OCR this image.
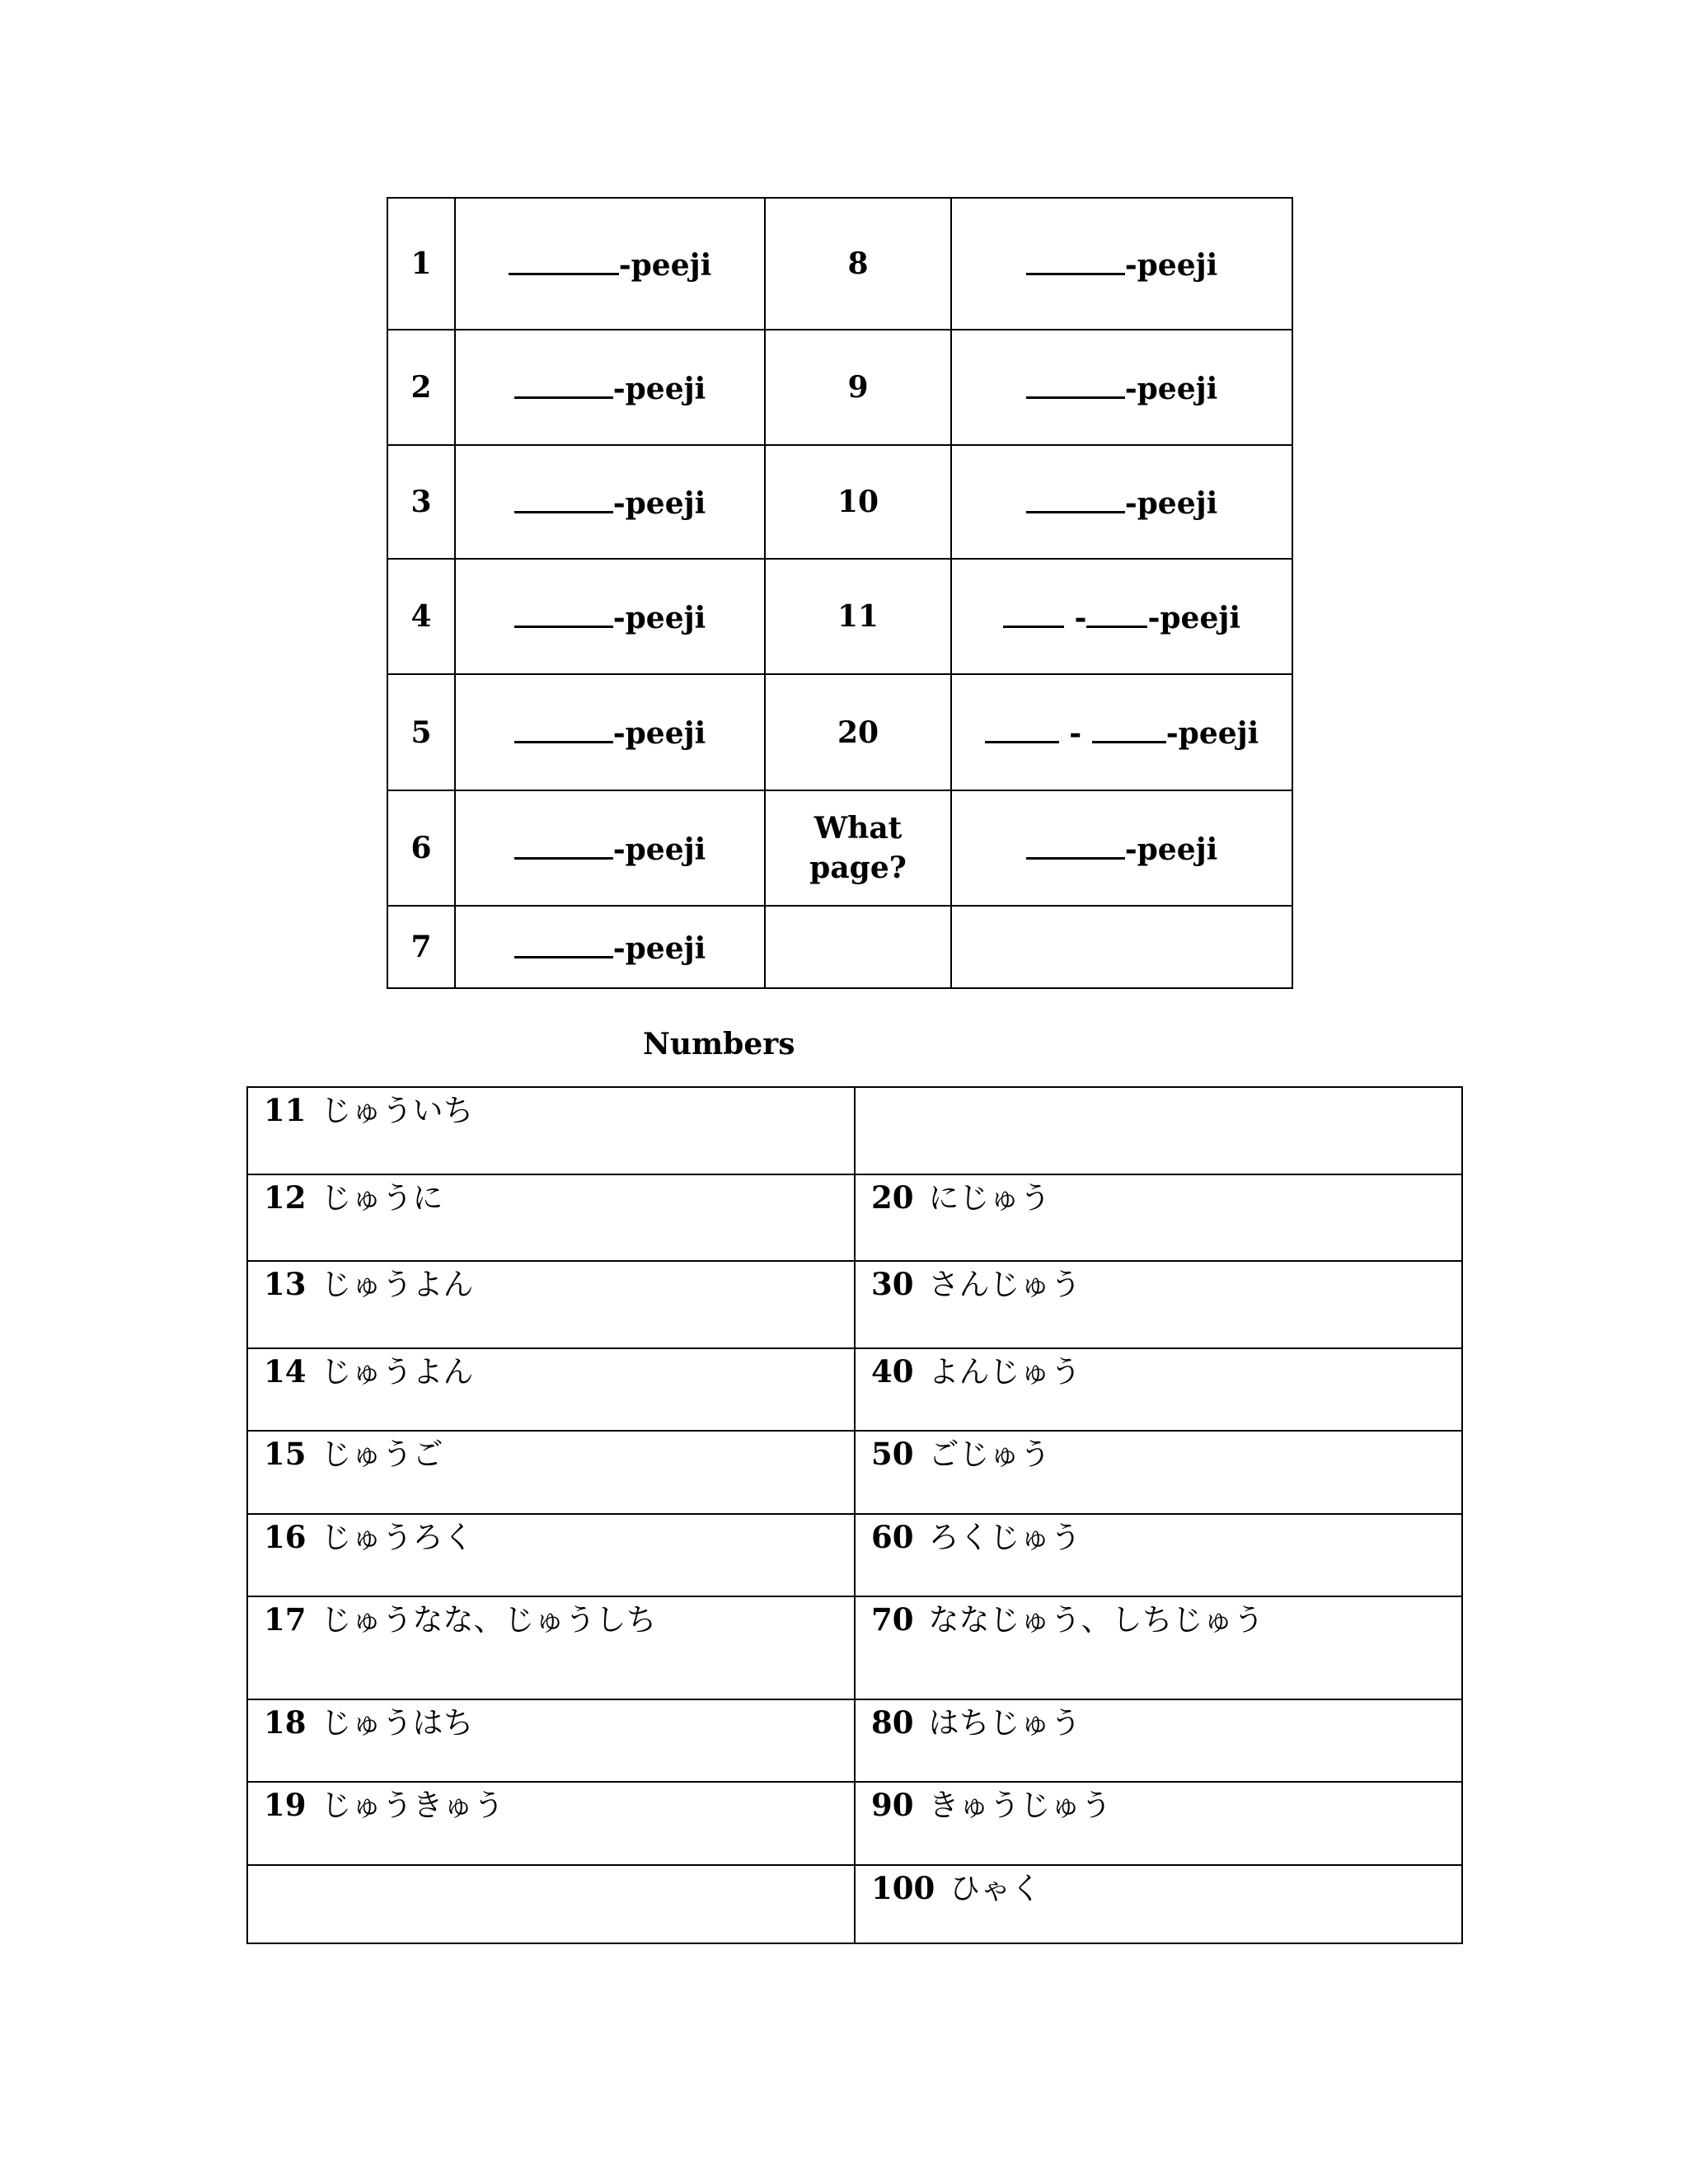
1	-peeji	8	-peeji
2	-peeji	9	-peeji
3	-peeji	10	-peeji
4	-peeji	11	- -peeji
5	-peeji	20	- -peeji
6	-peeji	What page?	-peeji
7	-peeji		
Numbers
11 じゅういち	
12 じゅうに	20 にじゅう
13 じゅうよん	30 さんじゅう
14 じゅうよん	40 よんじゅう
15 じゅうご	50 ごじゅう
16 じゅうろく	60 ろくじゅう
17 じゅうなな、じゅうしち	70 ななじゅう、しちじゅう
18 じゅうはち	80 はちじゅう
19 じゅうきゅう	90 きゅうじゅう
	100 ひゃく
